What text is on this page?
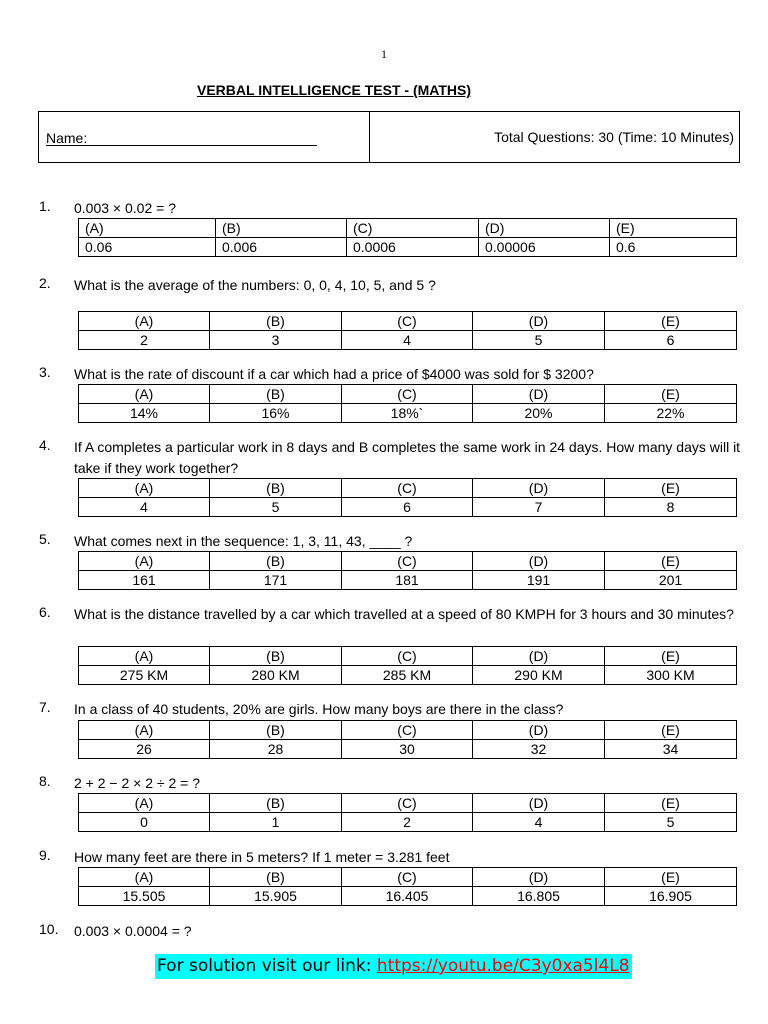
1
VERBAL INTELLIGENCE TEST - (MATHS)
Name:	Total Questions: 30 (Time: 10 Minutes)
1. 0.003 × 0.02 = ?
(A)	(B)	(C)	(D)	(E)
0.06	0.006	0.0006	0.00006	0.6
2. What is the average of the numbers: 0, 0, 4, 10, 5, and 5 ?
(A)	(B)	(C)	(D)	(E)
2	3	4	5	6
3. What is the rate of discount if a car which had a price of $4000 was sold for $ 3200?
(A)	(B)	(C)	(D)	(E)
14%	16%	18%`	20%	22%
4. If A completes a particular work in 8 days and B completes the same work in 24 days. How many days will it take if they work together?
(A)	(B)	(C)	(D)	(E)
4	5	6	7	8
5. What comes next in the sequence: 1, 3, 11, 43, ____ ?
(A)	(B)	(C)	(D)	(E)
161	171	181	191	201
6. What is the distance travelled by a car which travelled at a speed of 80 KMPH for 3 hours and 30 minutes?
(A)	(B)	(C)	(D)	(E)
275 KM	280 KM	285 KM	290 KM	300 KM
7. In a class of 40 students, 20% are girls. How many boys are there in the class?
(A)	(B)	(C)	(D)	(E)
26	28	30	32	34
8. 2 + 2 − 2 × 2 ÷ 2 = ?
(A)	(B)	(C)	(D)	(E)
0	1	2	4	5
9. How many feet are there in 5 meters? If 1 meter = 3.281 feet
(A)	(B)	(C)	(D)	(E)
15.505	15.905	16.405	16.805	16.905
10. 0.003 × 0.0004 = ?
For solution visit our link: https://youtu.be/C3y0xa5l4L8
